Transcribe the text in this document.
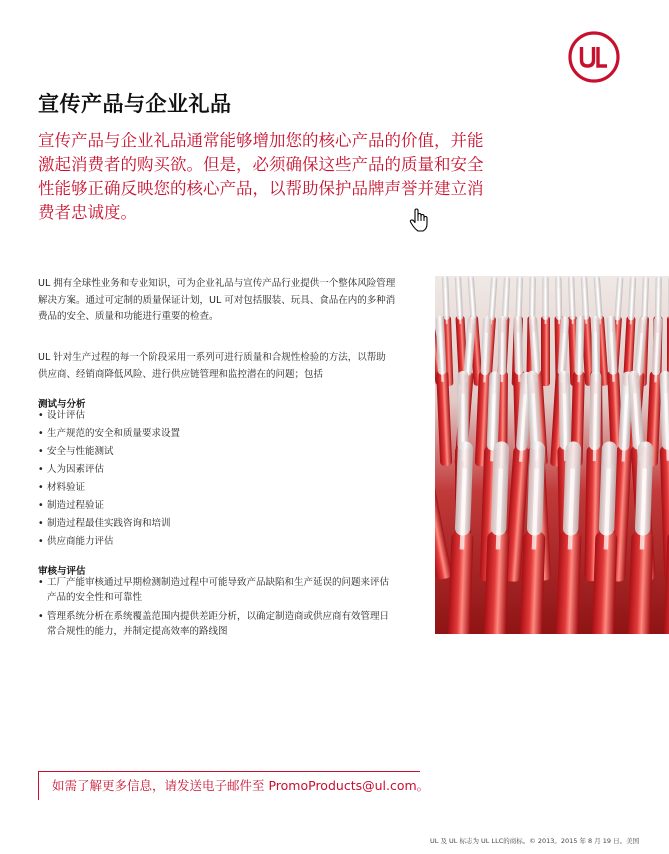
宣传产品与企业礼品

宣传产品与企业礼品通常能够增加您的核心产品的价值，并能激起消费者的购买欲。但是，必须确保这些产品的质量和安全性能够正确反映您的核心产品，以帮助保护品牌声誉并建立消费者忠诚度。

UL 拥有全球性业务和专业知识，可为企业礼品与宣传产品行业提供一个整体风险管理解决方案。通过可定制的质量保证计划，UL 可对包括服装、玩具、食品在内的多种消费品的安全、质量和功能进行重要的检查。

UL 针对生产过程的每一个阶段采用一系列可进行质量和合规性检验的方法，以帮助供应商、经销商降低风险、进行供应链管理和监控潜在的问题；包括

测试与分析
• 设计评估
• 生产规范的安全和质量要求设置
• 安全与性能测试
• 人为因素评估
• 材料验证
• 制造过程验证
• 制造过程最佳实践咨询和培训
• 供应商能力评估
审核与评估
• 工厂产能审核通过早期检测制造过程中可能导致产品缺陷和生产延误的问题来评估产品的安全性和可靠性
• 管理系统分析在系统覆盖范围内提供差距分析，以确定制造商或供应商有效管理日常合规性的能力，并制定提高效率的路线图

如需了解更多信息，请发送电子邮件至 PromoProducts@ul.com。

UL 及 UL 标志为 UL LLC的商标。© 2013。2015 年 8 月 19 日。美国
